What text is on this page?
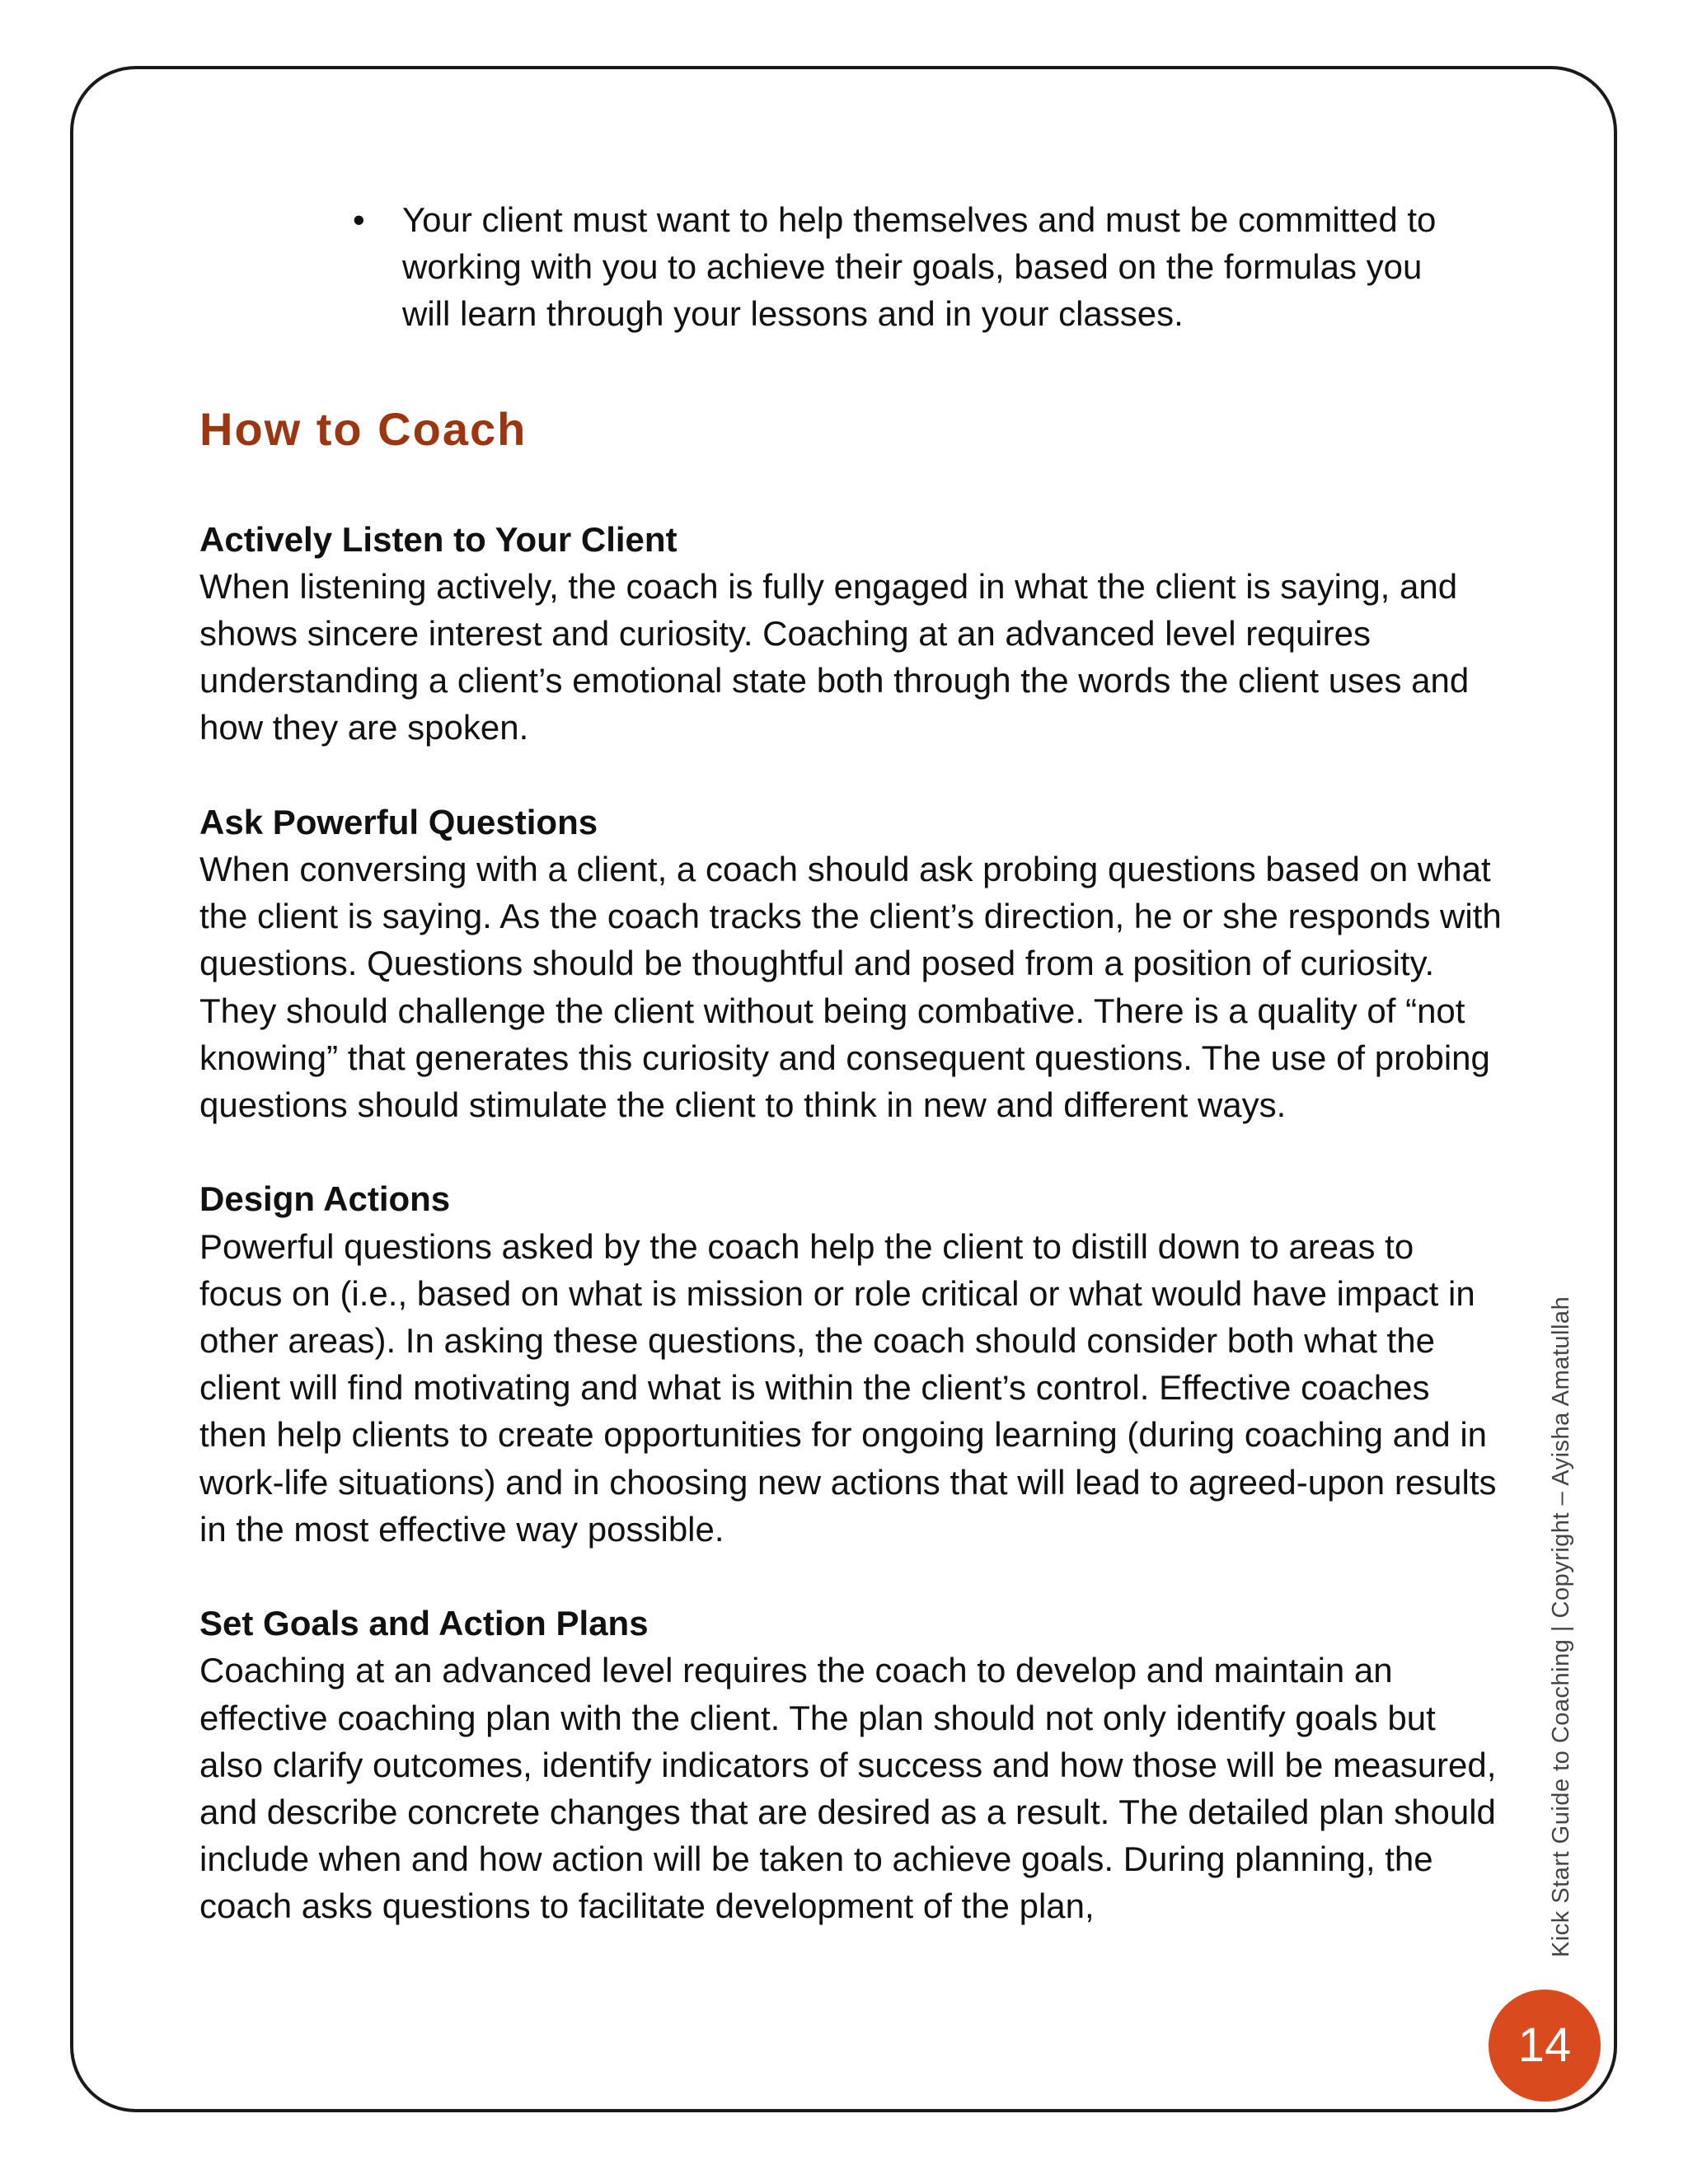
• Your client must want to help themselves and must be committed to working with you to achieve their goals, based on the formulas you will learn through your lessons and in your classes.
How to Coach
Actively Listen to Your Client

When listening actively, the coach is fully engaged in what the client is saying, and shows sincere interest and curiosity. Coaching at an advanced level requires understanding a client’s emotional state both through the words the client uses and how they are spoken.

Ask Powerful Questions

When conversing with a client, a coach should ask probing questions based on what the client is saying. As the coach tracks the client’s direction, he or she responds with questions. Questions should be thoughtful and posed from a position of curiosity. They should challenge the client without being combative. There is a quality of “not knowing” that generates this curiosity and consequent questions. The use of probing questions should stimulate the client to think in new and different ways.

Design Actions

Powerful questions asked by the coach help the client to distill down to areas to focus on (i.e., based on what is mission or role critical or what would have impact in other areas). In asking these questions, the coach should consider both what the client will find motivating and what is within the client’s control. Effective coaches then help clients to create opportunities for ongoing learning (during coaching and in work-life situations) and in choosing new actions that will lead to agreed-upon results in the most effective way possible.

Set Goals and Action Plans

Coaching at an advanced level requires the coach to develop and maintain an effective coaching plan with the client. The plan should not only identify goals but also clarify outcomes, identify indicators of success and how those will be measured, and describe concrete changes that are desired as a result. The detailed plan should include when and how action will be taken to achieve goals. During planning, the coach asks questions to facilitate development of the plan,	Kick Start Guide to Coaching | Copyright – Ayisha Amatullah
14
